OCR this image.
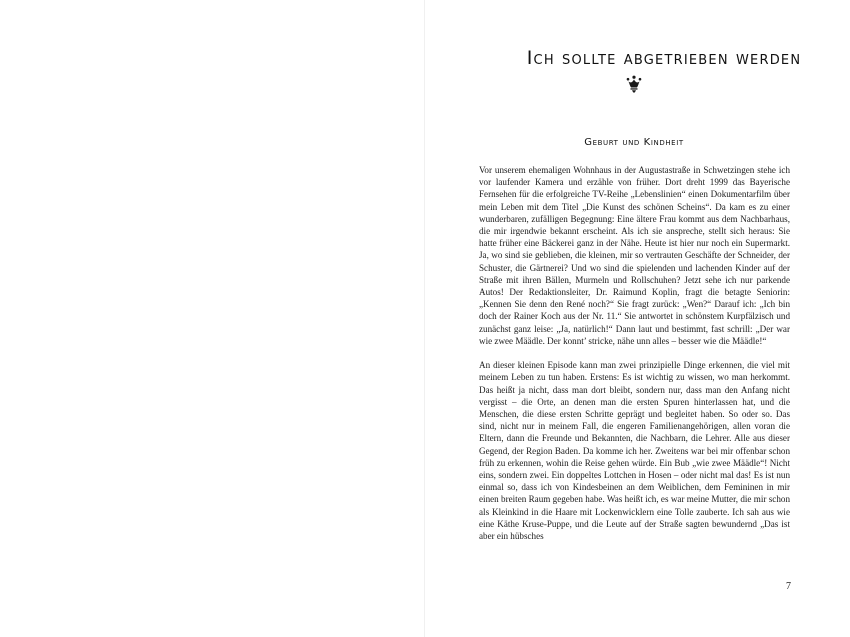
Ich sollte abgetrieben werden
Geburt und Kindheit

Vor unserem ehemaligen Wohnhaus in der Augustastraße in Schwetzingen stehe ich vor laufender Kamera und erzähle von früher. Dort dreht 1999 das Bayerische Fernsehen für die erfolgreiche TV-Reihe „Lebenslinien“ einen Dokumentarfilm über mein Leben mit dem Titel „Die Kunst des schönen Scheins“. Da kam es zu einer wunderbaren, zufälligen Begegnung: Eine ältere Frau kommt aus dem Nachbarhaus, die mir irgendwie bekannt erscheint. Als ich sie anspreche, stellt sich heraus: Sie hatte früher eine Bäckerei ganz in der Nähe. Heute ist hier nur noch ein Supermarkt. Ja, wo sind sie geblieben, die kleinen, mir so vertrauten Geschäfte der Schneider, der Schuster, die Gärtnerei? Und wo sind die spielenden und lachenden Kinder auf der Straße mit ihren Bällen, Murmeln und Rollschuhen? Jetzt sehe ich nur parkende Autos! Der Redaktionsleiter, Dr. Raimund Koplin, fragt die betagte Seniorin: „Kennen Sie denn den René noch?“ Sie fragt zurück: „Wen?“ Darauf ich: „Ich bin doch der Rainer Koch aus der Nr. 11.“ Sie antwortet in schönstem Kurpfälzisch und zunächst ganz leise: „Ja, natürlich!“ Dann laut und bestimmt, fast schrill: „Der war wie zwee Määdle. Der konnt’ stricke, nähe unn alles – besser wie die Määdle!“

An dieser kleinen Episode kann man zwei prinzipielle Dinge erkennen, die viel mit meinem Leben zu tun haben. Erstens: Es ist wichtig zu wissen, wo man herkommt. Das heißt ja nicht, dass man dort bleibt, sondern nur, dass man den Anfang nicht vergisst – die Orte, an denen man die ersten Spuren hinterlassen hat, und die Menschen, die diese ersten Schritte geprägt und begleitet haben. So oder so. Das sind, nicht nur in meinem Fall, die engeren Familienangehörigen, allen voran die Eltern, dann die Freunde und Bekannten, die Nachbarn, die Lehrer. Alle aus dieser Gegend, der Region Baden. Da komme ich her. Zweitens war bei mir offenbar schon früh zu erkennen, wohin die Reise gehen würde. Ein Bub „wie zwee Määdle“! Nicht eins, sondern zwei. Ein doppeltes Lottchen in Hosen – oder nicht mal das! Es ist nun einmal so, dass ich von Kindesbeinen an dem Weiblichen, dem Femininen in mir einen breiten Raum gegeben habe. Was heißt ich, es war meine Mutter, die mir schon als Kleinkind in die Haare mit Lockenwicklern eine Tolle zauberte. Ich sah aus wie eine Käthe Kruse-Puppe, und die Leute auf der Straße sagten bewundernd „Das ist aber ein hübsches

7
